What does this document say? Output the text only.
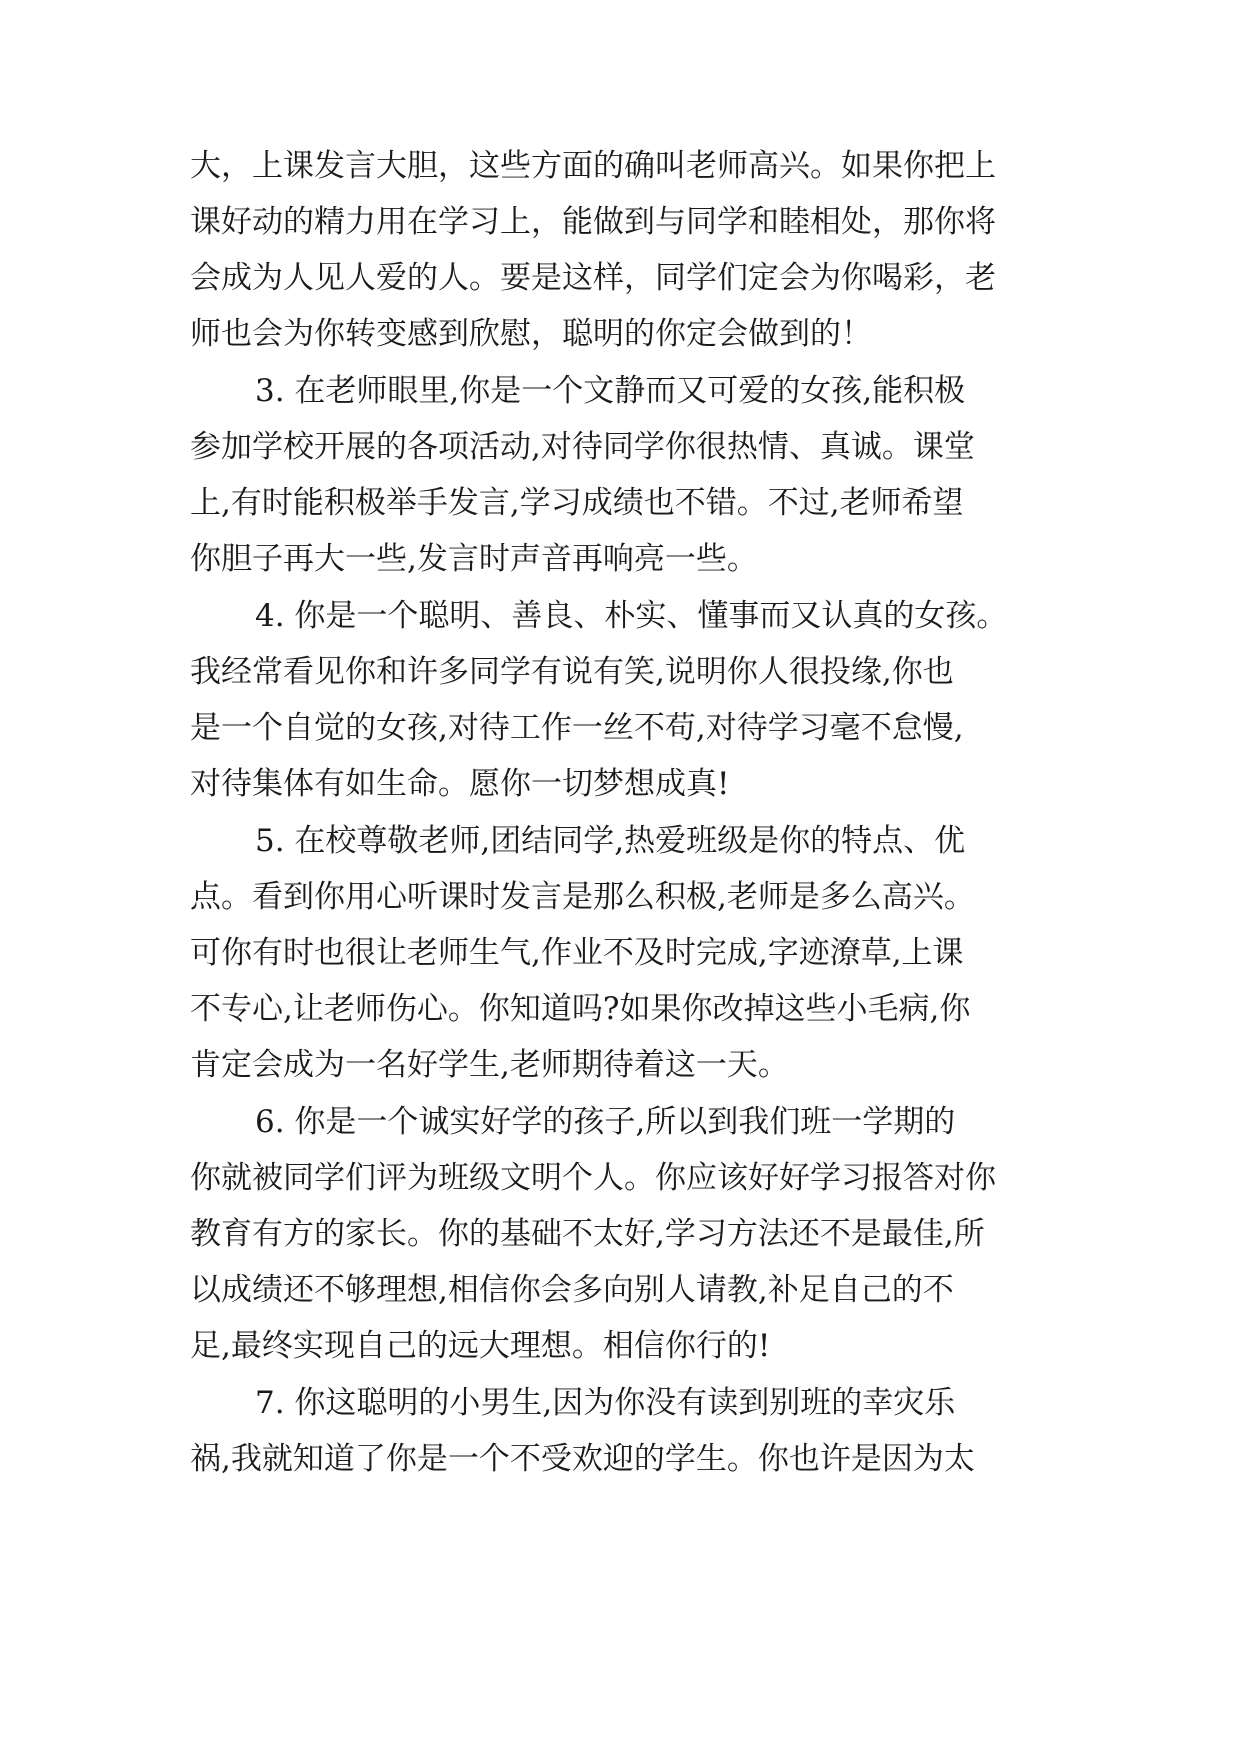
大，上课发言大胆，这些方面的确叫老师高兴。如果你把上
课好动的精力用在学习上，能做到与同学和睦相处，那你将
会成为人见人爱的人。要是这样，同学们定会为你喝彩，老
师也会为你转变感到欣慰，聪明的你定会做到的！
3. 在老师眼里,你是一个文静而又可爱的女孩,能积极
参加学校开展的各项活动,对待同学你很热情、真诚。课堂
上,有时能积极举手发言,学习成绩也不错。不过,老师希望
你胆子再大一些,发言时声音再响亮一些。
4. 你是一个聪明、善良、朴实、懂事而又认真的女孩。
我经常看见你和许多同学有说有笑,说明你人很投缘,你也
是一个自觉的女孩,对待工作一丝不苟,对待学习毫不怠慢,
对待集体有如生命。愿你一切梦想成真!
5. 在校尊敬老师,团结同学,热爱班级是你的特点、优
点。看到你用心听课时发言是那么积极,老师是多么高兴。
可你有时也很让老师生气,作业不及时完成,字迹潦草,上课
不专心,让老师伤心。你知道吗?如果你改掉这些小毛病,你
肯定会成为一名好学生,老师期待着这一天。
6. 你是一个诚实好学的孩子,所以到我们班一学期的
你就被同学们评为班级文明个人。你应该好好学习报答对你
教育有方的家长。你的基础不太好,学习方法还不是最佳,所
以成绩还不够理想,相信你会多向别人请教,补足自己的不
足,最终实现自己的远大理想。相信你行的!
7. 你这聪明的小男生,因为你没有读到别班的幸灾乐
祸,我就知道了你是一个不受欢迎的学生。你也许是因为太
